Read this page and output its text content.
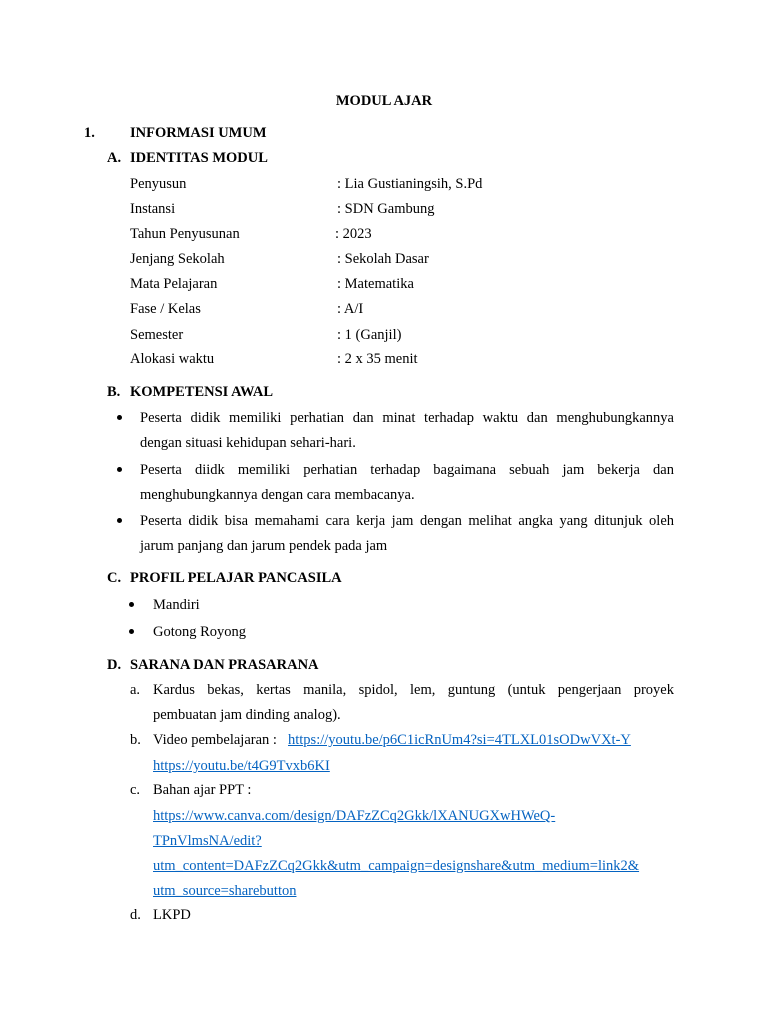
MODUL AJAR
1. INFORMASI UMUM
A. IDENTITAS MODUL
Penyusun	: Lia Gustianingsih, S.Pd
Instansi	: SDN Gambung
Tahun Penyusunan	: 2023
Jenjang Sekolah	: Sekolah Dasar
Mata Pelajaran	: Matematika
Fase / Kelas	: A/I
Semester	: 1 (Ganjil)
Alokasi waktu	: 2 x 35 menit
B. KOMPETENSI AWAL
Peserta didik memiliki perhatian dan minat terhadap waktu dan menghubungkannya
dengan situasi kehidupan sehari-hari.
Peserta diidk memiliki perhatian terhadap bagaimana sebuah jam bekerja dan
menghubungkannya dengan cara membacanya.
Peserta didik bisa memahami cara kerja jam dengan melihat angka yang ditunjuk oleh
jarum panjang dan jarum pendek pada jam
C. PROFIL PELAJAR PANCASILA
Mandiri
Gotong Royong
D. SARANA DAN PRASARANA
a. Kardus bekas, kertas manila, spidol, lem, guntung (untuk pengerjaan proyek
pembuatan jam dinding analog).
b. Video pembelajaran : https://youtu.be/p6C1icRnUm4?si=4TLXL01sODwVXt-Y
https://youtu.be/t4G9Tvxb6KI
c. Bahan ajar PPT :
https://www.canva.com/design/DAFzZCq2Gkk/lXANUGXwHWeQ-
TPnVlmsNA/edit?
utm_content=DAFzZCq2Gkk&utm_campaign=designshare&utm_medium=link2&
utm_source=sharebutton
d. LKPD
